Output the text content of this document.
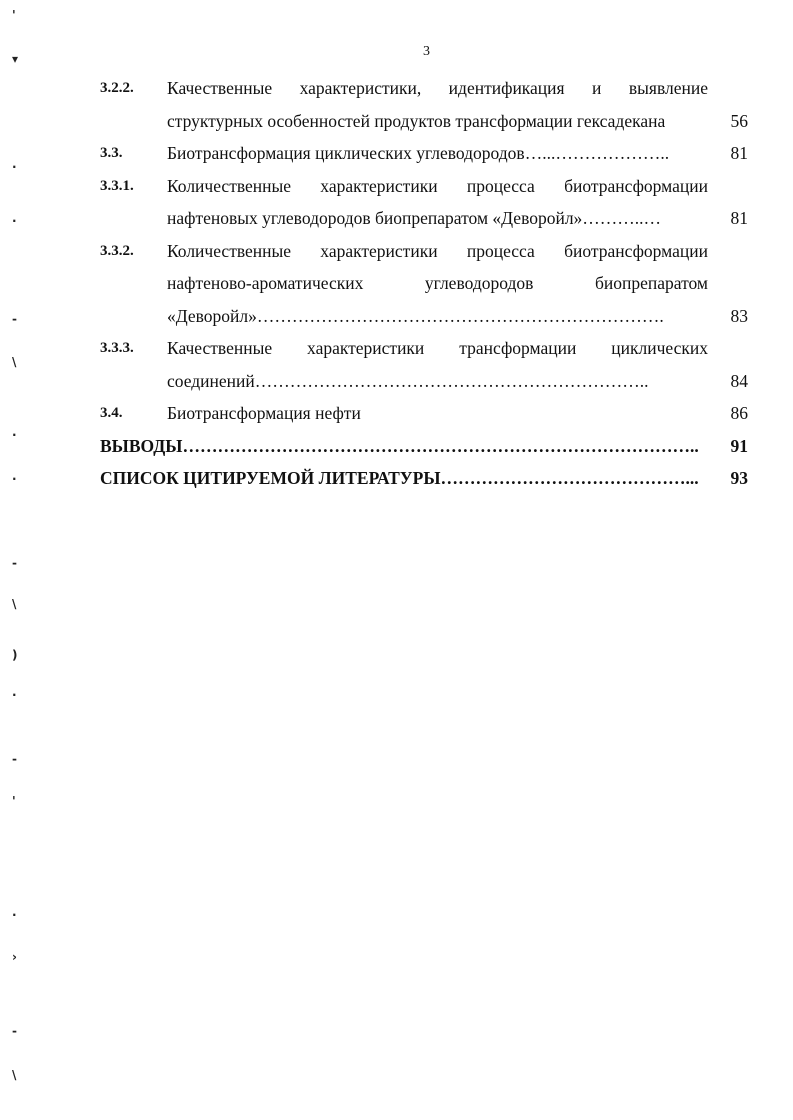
3
'
▾
·
·
‐
\
·
·
‐
\
)
·
‐
'
·
›
‐
\
3.2.2. Качественные характеристики, идентификация и выявление
структурных особенностей продуктов трансформации гексадекана	56
3.3.	Биотрансформация циклических углеводородов…...………………..	81
3.3.1. Количественные характеристики процесса биотрансформации
нафтеновых углеводородов биопрепаратом «Деворойл»………..…	81
3.3.2. Количественные характеристики процесса биотрансформации
нафтеново-ароматических углеводородов биопрепаратом
«Деворойл»…………………………………………………………….	83
3.3.3. Качественные характеристики трансформации циклических
соединений…………………………………………………………..	84
3.4.	Биотрансформация нефти	86
ВЫВОДЫ……………………………………………………………………………..	91
СПИСОК ЦИТИРУЕМОЙ ЛИТЕРАТУРЫ……………………………………...	93
